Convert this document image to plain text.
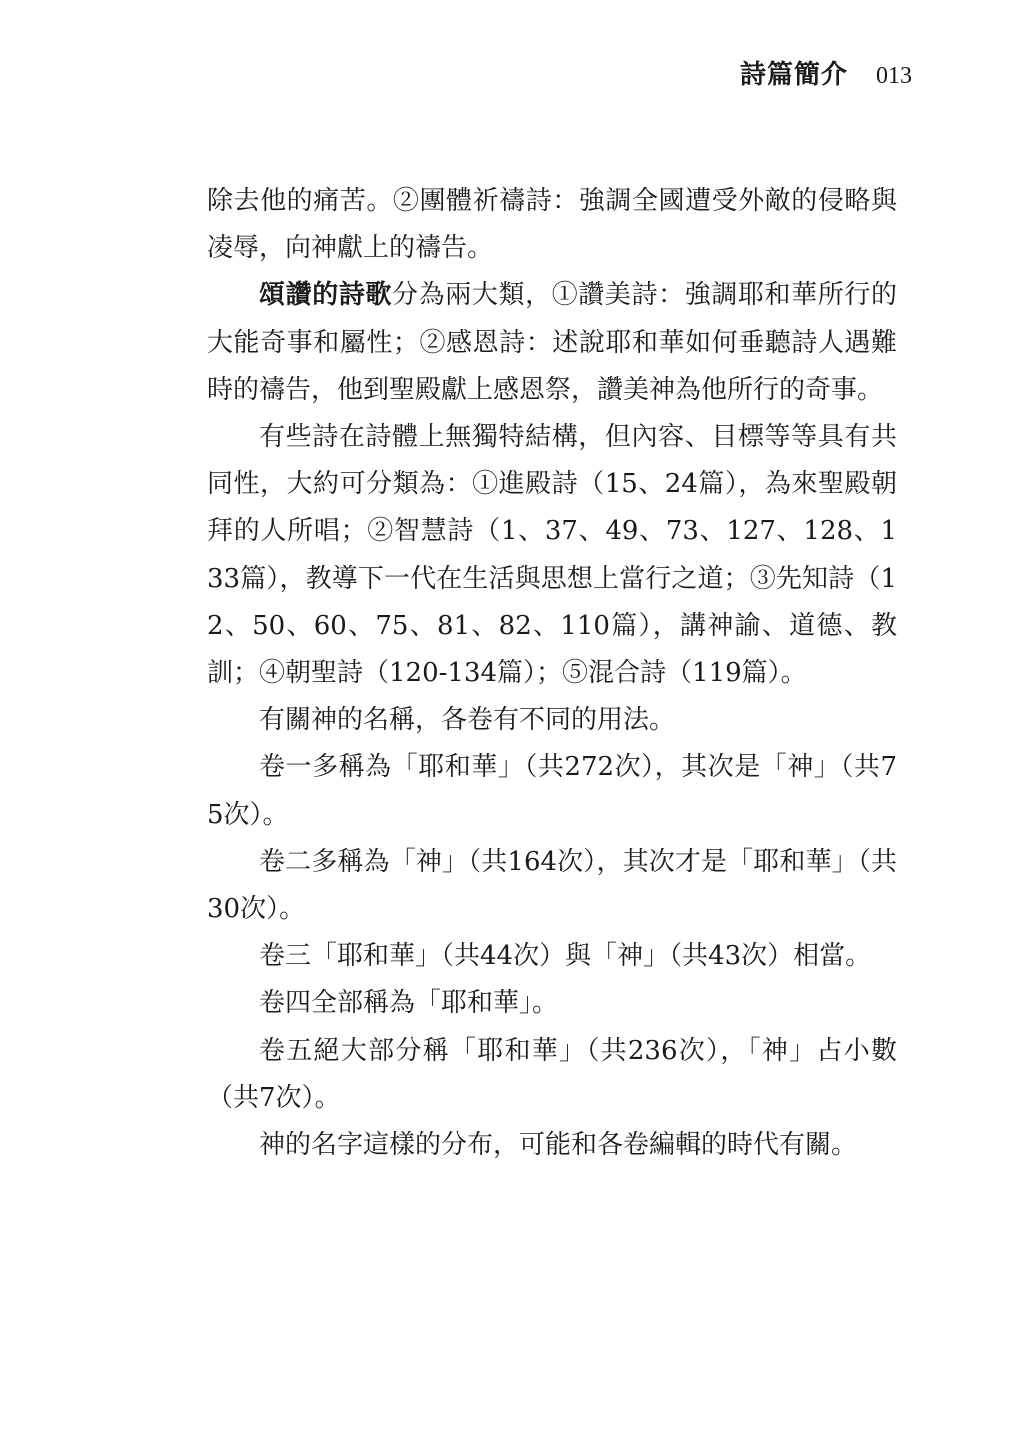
詩篇簡介 013

除去他的痛苦。②團體祈禱詩：強調全國遭受外敵的侵略與凌辱，向神獻上的禱告。

頌讚的詩歌分為兩大類，①讚美詩：強調耶和華所行的大能奇事和屬性；②感恩詩：述說耶和華如何垂聽詩人遇難時的禱告，他到聖殿獻上感恩祭，讚美神為他所行的奇事。

有些詩在詩體上無獨特結構，但內容、目標等等具有共同性，大約可分類為：①進殿詩（15、24篇），為來聖殿朝拜的人所唱；②智慧詩（1、37、49、73、127、128、133篇），教導下一代在生活與思想上當行之道；③先知詩（12、50、60、75、81、82、110篇），講神諭、道德、教訓；④朝聖詩（120-134篇）；⑤混合詩（119篇）。

有關神的名稱，各卷有不同的用法。

卷一多稱為「耶和華」（共272次），其次是「神」（共75次）。

卷二多稱為「神」（共164次），其次才是「耶和華」（共30次）。

卷三「耶和華」（共44次）與「神」（共43次）相當。

卷四全部稱為「耶和華」。

卷五絕大部分稱「耶和華」（共236次），「神」占小數（共7次）。

神的名字這樣的分布，可能和各卷編輯的時代有關。
